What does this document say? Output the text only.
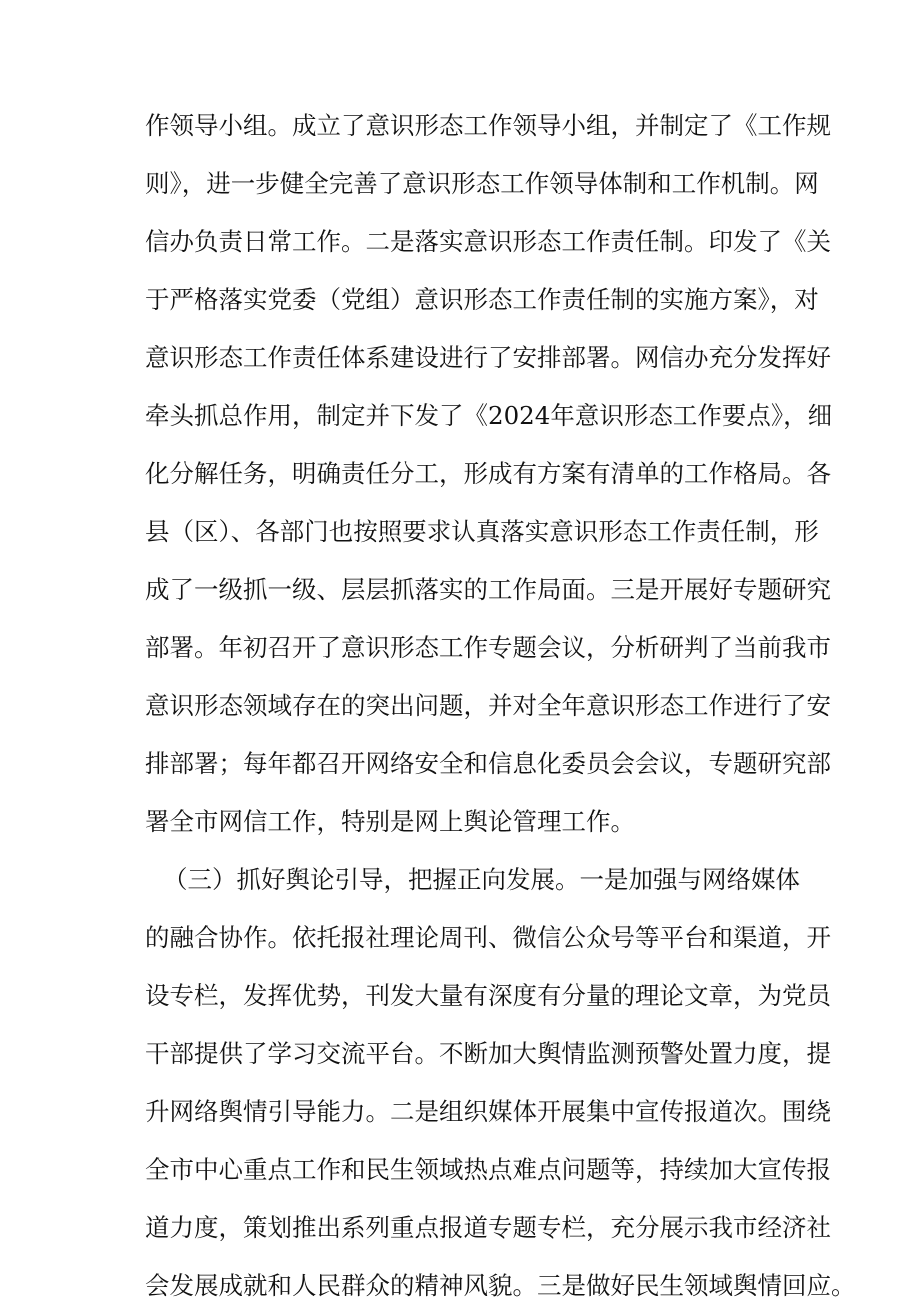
作领导小组。成立了意识形态工作领导小组，并制定了《工作规
则》，进一步健全完善了意识形态工作领导体制和工作机制。网
信办负责日常工作。二是落实意识形态工作责任制。印发了《关
于严格落实党委（党组）意识形态工作责任制的实施方案》，对
意识形态工作责任体系建设进行了安排部署。网信办充分发挥好
牵头抓总作用，制定并下发了《2024年意识形态工作要点》，细
化分解任务，明确责任分工，形成有方案有清单的工作格局。各
县（区）、各部门也按照要求认真落实意识形态工作责任制，形
成了一级抓一级、层层抓落实的工作局面。三是开展好专题研究
部署。年初召开了意识形态工作专题会议，分析研判了当前我市
意识形态领域存在的突出问题，并对全年意识形态工作进行了安
排部署；每年都召开网络安全和信息化委员会会议，专题研究部
署全市网信工作，特别是网上舆论管理工作。
（三）抓好舆论引导，把握正向发展。一是加强与网络媒体
的融合协作。依托报社理论周刊、微信公众号等平台和渠道，开
设专栏，发挥优势，刊发大量有深度有分量的理论文章，为党员
干部提供了学习交流平台。不断加大舆情监测预警处置力度，提
升网络舆情引导能力。二是组织媒体开展集中宣传报道次。围绕
全市中心重点工作和民生领域热点难点问题等，持续加大宣传报
道力度，策划推出系列重点报道专题专栏，充分展示我市经济社
会发展成就和人民群众的精神风貌。三是做好民生领域舆情回应。
